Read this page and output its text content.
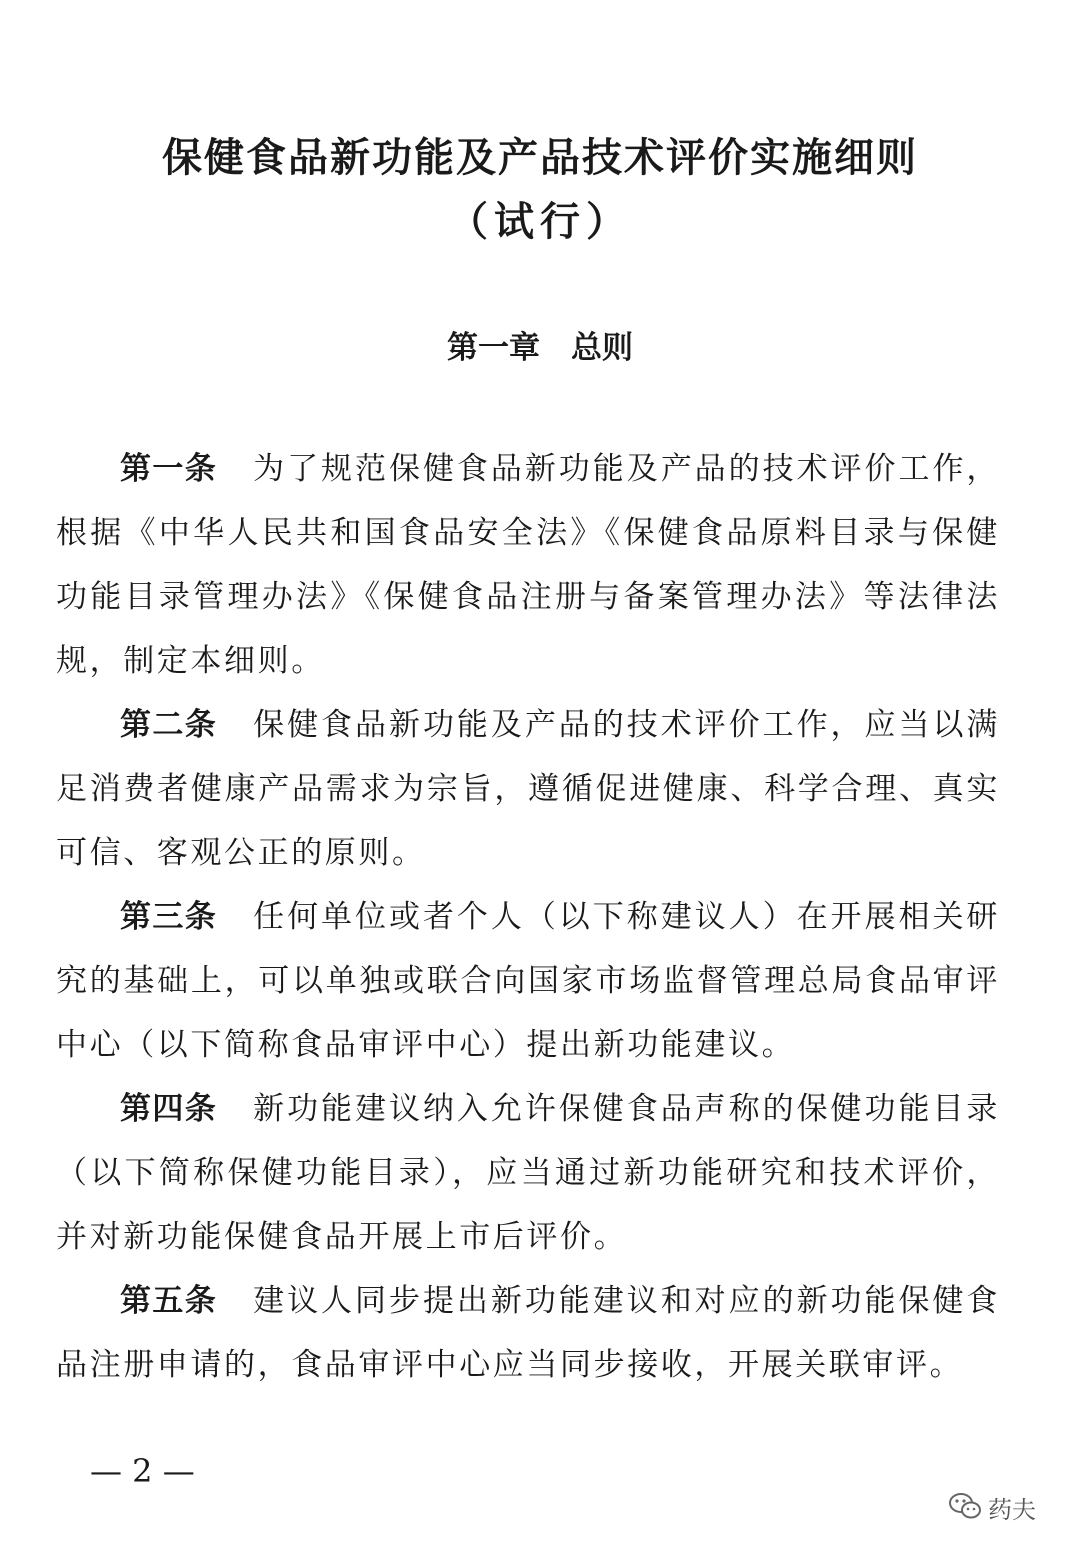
保健食品新功能及产品技术评价实施细则
（试行）
第一章　总则

第一条 为了规范保健食品新功能及产品的技术评价工作，根据《中华人民共和国食品安全法》《保健食品原料目录与保健功能目录管理办法》《保健食品注册与备案管理办法》等法律法规，制定本细则。

第二条 保健食品新功能及产品的技术评价工作，应当以满足消费者健康产品需求为宗旨，遵循促进健康、科学合理、真实可信、客观公正的原则。

第三条 任何单位或者个人（以下称建议人）在开展相关研究的基础上，可以单独或联合向国家市场监督管理总局食品审评中心（以下简称食品审评中心）提出新功能建议。

第四条 新功能建议纳入允许保健食品声称的保健功能目录（以下简称保健功能目录），应当通过新功能研究和技术评价，并对新功能保健食品开展上市后评价。

第五条 建议人同步提出新功能建议和对应的新功能保健食品注册申请的，食品审评中心应当同步接收，开展关联审评。

— 2 —

药夫
